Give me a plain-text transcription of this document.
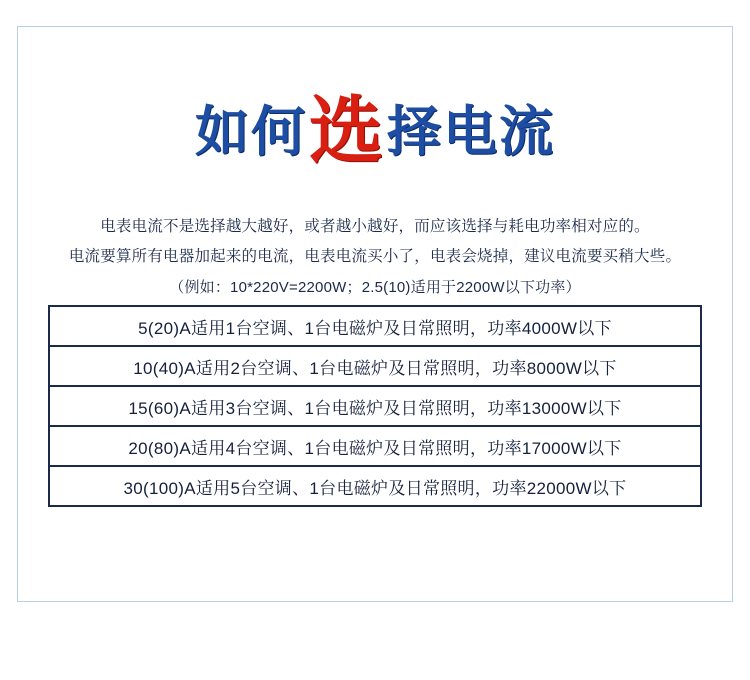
如何选择电流

电表电流不是选择越大越好，或者越小越好，而应该选择与耗电功率相对应的。

电流要算所有电器加起来的电流，电表电流买小了，电表会烧掉，建议电流要买稍大些。

（例如：10*220V=2200W；2.5(10)适用于2200W以下功率）

5(20)A适用1台空调、1台电磁炉及日常照明，功率4000W以下
10(40)A适用2台空调、1台电磁炉及日常照明，功率8000W以下
15(60)A适用3台空调、1台电磁炉及日常照明，功率13000W以下
20(80)A适用4台空调、1台电磁炉及日常照明，功率17000W以下
30(100)A适用5台空调、1台电磁炉及日常照明，功率22000W以下
